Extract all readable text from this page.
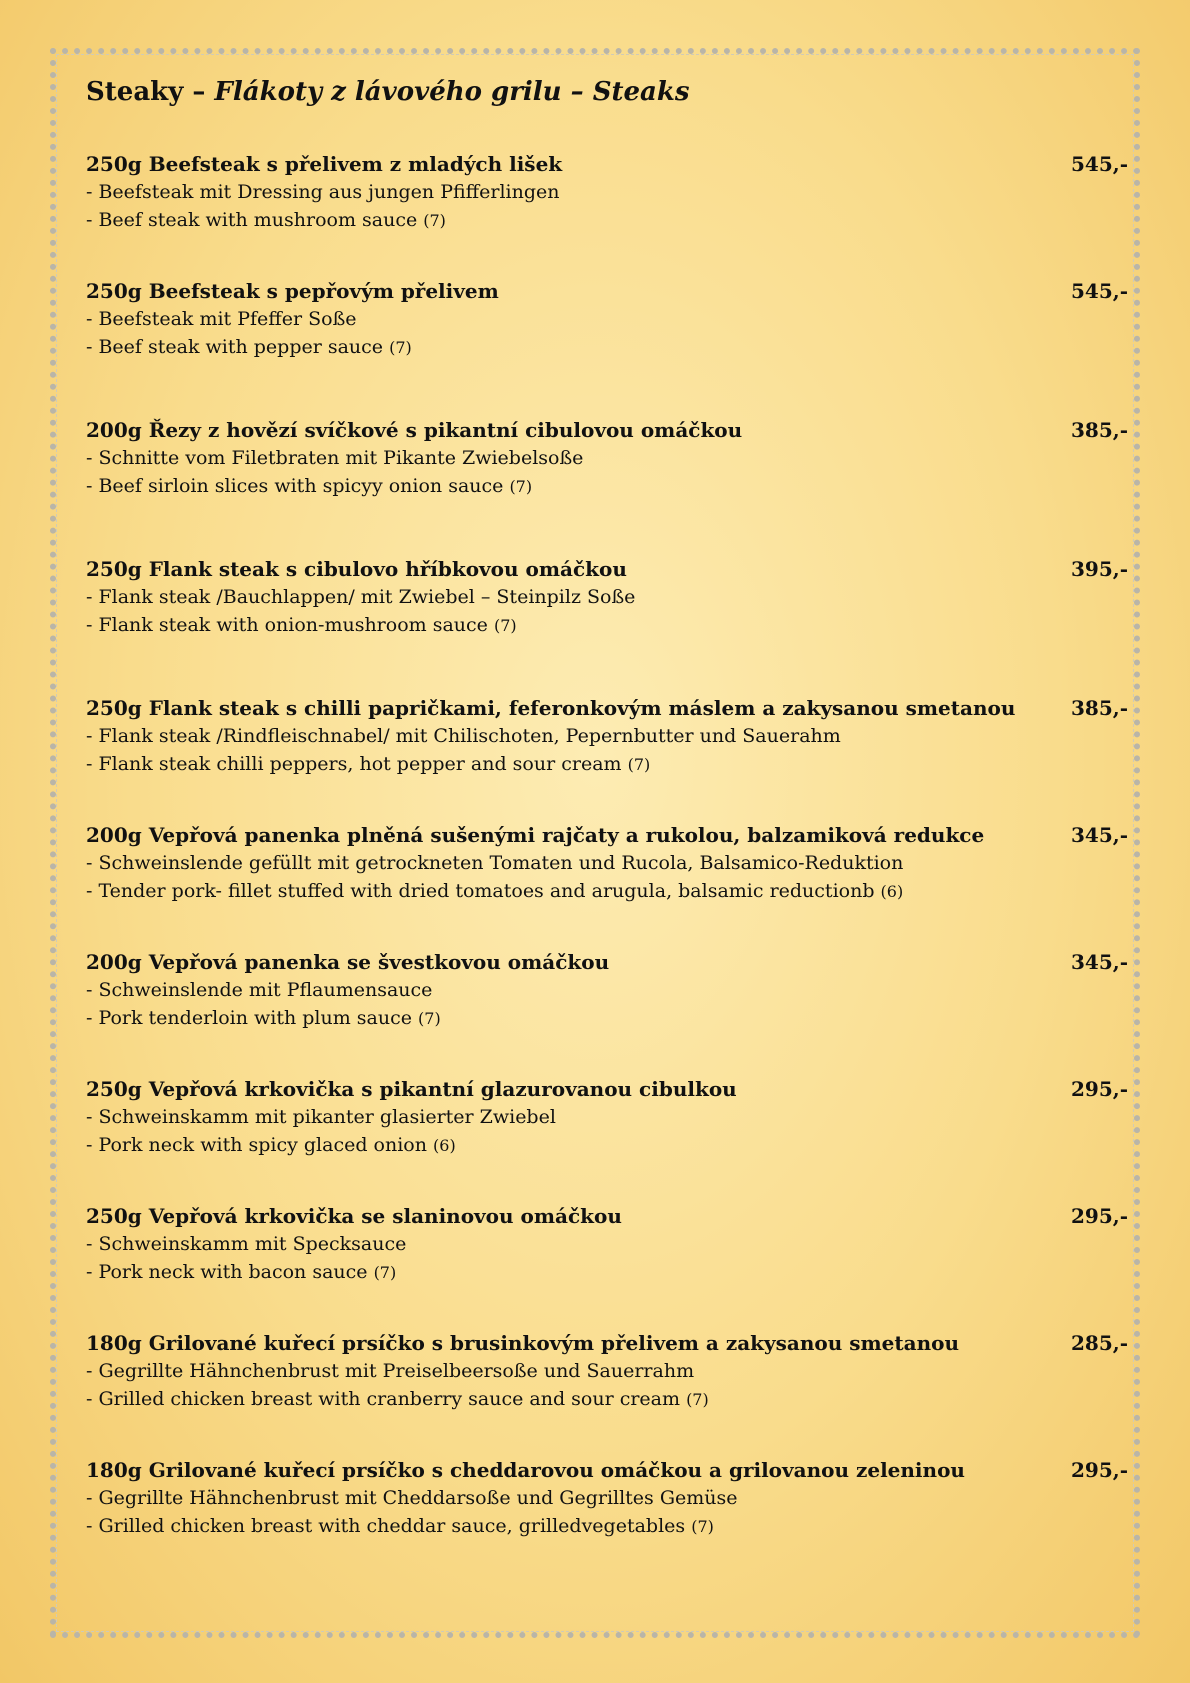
Steaky – Flákoty z lávového grilu – Steaks
250g Beefsteak s přelivem z mladých lišek	545,-
- Beefsteak mit Dressing aus jungen Pfifferlingen
- Beef steak with mushroom sauce (7)
250g Beefsteak s pepřovým přelivem	545,-
- Beefsteak mit Pfeffer Soße
- Beef steak with pepper sauce (7)
200g Řezy z hovězí svíčkové s pikantní cibulovou omáčkou	385,-
- Schnitte vom Filetbraten mit Pikante Zwiebelsoße
- Beef sirloin slices with spicyy onion sauce (7)
250g Flank steak s cibulovo hříbkovou omáčkou	395,-
- Flank steak /Bauchlappen/ mit Zwiebel – Steinpilz Soße
- Flank steak with onion-mushroom sauce (7)
250g Flank steak s chilli papričkami, feferonkovým máslem a zakysanou smetanou	385,-
- Flank steak /Rindfleischnabel/ mit Chilischoten, Pepernbutter und Sauerahm
- Flank steak chilli peppers, hot pepper and sour cream (7)
200g Vepřová panenka plněná sušenými rajčaty a rukolou, balzamiková redukce	345,-
- Schweinslende gefüllt mit getrockneten Tomaten und Rucola, Balsamico-Reduktion
- Tender pork- fillet stuffed with dried tomatoes and arugula, balsamic reductionb (6)
200g Vepřová panenka se švestkovou omáčkou	345,-
- Schweinslende mit Pflaumensauce
- Pork tenderloin with plum sauce (7)
250g Vepřová krkovička s pikantní glazurovanou cibulkou	295,-
- Schweinskamm mit pikanter glasierter Zwiebel
- Pork neck with spicy glaced onion (6)
250g Vepřová krkovička se slaninovou omáčkou	295,-
- Schweinskamm mit Specksauce
- Pork neck with bacon sauce (7)
180g Grilované kuřecí prsíčko s brusinkovým přelivem a zakysanou smetanou	285,-
- Gegrillte Hähnchenbrust mit Preiselbeersoße und Sauerrahm
- Grilled chicken breast with cranberry sauce and sour cream (7)
180g Grilované kuřecí prsíčko s cheddarovou omáčkou a grilovanou zeleninou	295,-
- Gegrillte Hähnchenbrust mit Cheddarsoße und Gegrilltes Gemüse
- Grilled chicken breast with cheddar sauce, grilledvegetables (7)
